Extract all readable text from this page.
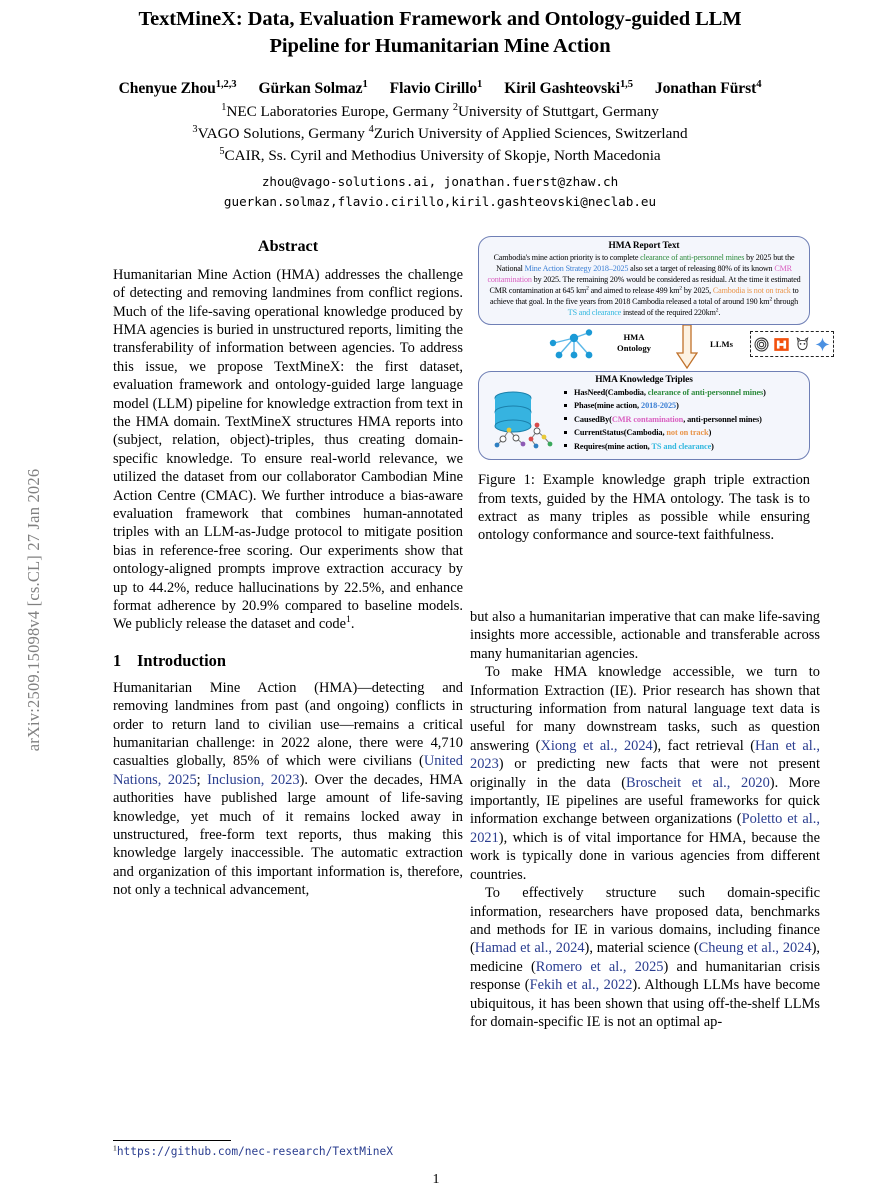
arXiv:2509.15098v4 [cs.CL] 27 Jan 2026
TextMineX: Data, Evaluation Framework and Ontology-guided LLM
Pipeline for Humanitarian Mine Action
Chenyue Zhou$^{1,2,3}$ Gürkan Solmaz$^1$ Flavio Cirillo$^1$ Kiril Gashteovski$^{1,5}$ Jonathan Fürst$^4$
$^1$NEC Laboratories Europe, Germany $^2$University of Stuttgart, Germany
$^3$VAGO Solutions, Germany $^4$Zurich University of Applied Sciences, Switzerland
$^5$CAIR, Ss. Cyril and Methodius University of Skopje, North Macedonia
zhou@vago-solutions.ai, jonathan.fuerst@zhaw.ch
guerkan.solmaz,flavio.cirillo,kiril.gashteovski@neclab.eu
Abstract

Humanitarian Mine Action (HMA) addresses the challenge of detecting and removing landmines from conflict regions. Much of the life-saving operational knowledge produced by HMA agencies is buried in unstructured reports, limiting the transferability of information between agencies. To address this issue, we propose TextMineX: the first dataset, evaluation framework and ontology-guided large language model (LLM) pipeline for knowledge extraction from text in the HMA domain. TextMineX structures HMA reports into (subject, relation, object)-triples, thus creating domain-specific knowledge. To ensure real-world relevance, we utilized the dataset from our collaborator Cambodian Mine Action Centre (CMAC). We further introduce a bias-aware evaluation framework that combines human-annotated triples with an LLM-as-Judge protocol to mitigate position bias in reference-free scoring. Our experiments show that ontology-aligned prompts improve extraction accuracy by up to 44.2%, reduce hallucinations by 22.5%, and enhance format adherence by 20.9% compared to baseline models. We publicly release the dataset and code$^1$.

1 Introduction

Humanitarian Mine Action (HMA)—detecting and removing landmines from past (and ongoing) conflicts in order to return land to civilian use—remains a critical humanitarian challenge: in 2022 alone, there were 4,710 casualties globally, 85% of which were civilians (United Nations, 2025; Inclusion, 2023). Over the decades, HMA authorities have published large amount of life-saving knowledge, yet much of it remains locked away in unstructured, free-form text reports, thus making this knowledge largely inaccessible. The automatic extraction and organization of this important information is, therefore, not only a technical advancement,

$^1$https://github.com/nec-research/TextMineX
HMA Report Text
Cambodia's mine action priority is to complete clearance of anti-personnel mines by 2025 but the National Mine Action Strategy 2018–2025 also set a target of releasing 80% of its known CMR contamination by 2025. The remaining 20% would be considered as residual. At the time it estimated CMR contamination at 645 $km^2$ and aimed to release 499 $km^2$ by 2025, Cambodia is not on track to achieve that goal. In the five years from 2018 Cambodia released a total of around 190 $km^2$ through TS and clearance instead of the required $220km^2$.
HMA
Ontology	LLMs
HMA Knowledge Triples
HasNeed(Cambodia, clearance of anti-personnel mines)
Phase(mine action, 2018-2025)
CausedBy(CMR contamination, anti-personnel mines)
CurrentStatus(Cambodia, not on track)
Requires(mine action, TS and clearance)
Figure 1: Example knowledge graph triple extraction from texts, guided by the HMA ontology. The task is to extract as many triples as possible while ensuring ontology conformance and source-text faithfulness.

but also a humanitarian imperative that can make life-saving insights more accessible, actionable and transferable across many humanitarian agencies.

To make HMA knowledge accessible, we turn to Information Extraction (IE). Prior research has shown that structuring information from natural language text data is useful for many downstream tasks, such as question answering (Xiong et al., 2024), fact retrieval (Han et al., 2023) or predicting new facts that were not present originally in the data (Broscheit et al., 2020). More importantly, IE pipelines are useful frameworks for quick information exchange between organizations (Poletto et al., 2021), which is of vital importance for HMA, because the work is typically done in various agencies from different countries.

To effectively structure such domain-specific information, researchers have proposed data, benchmarks and methods for IE in various domains, including finance (Hamad et al., 2024), material science (Cheung et al., 2024), medicine (Romero et al., 2025) and humanitarian crisis response (Fekih et al., 2022). Although LLMs have become ubiquitous, it has been shown that using off-the-shelf LLMs for domain-specific IE is not an optimal ap-

1
